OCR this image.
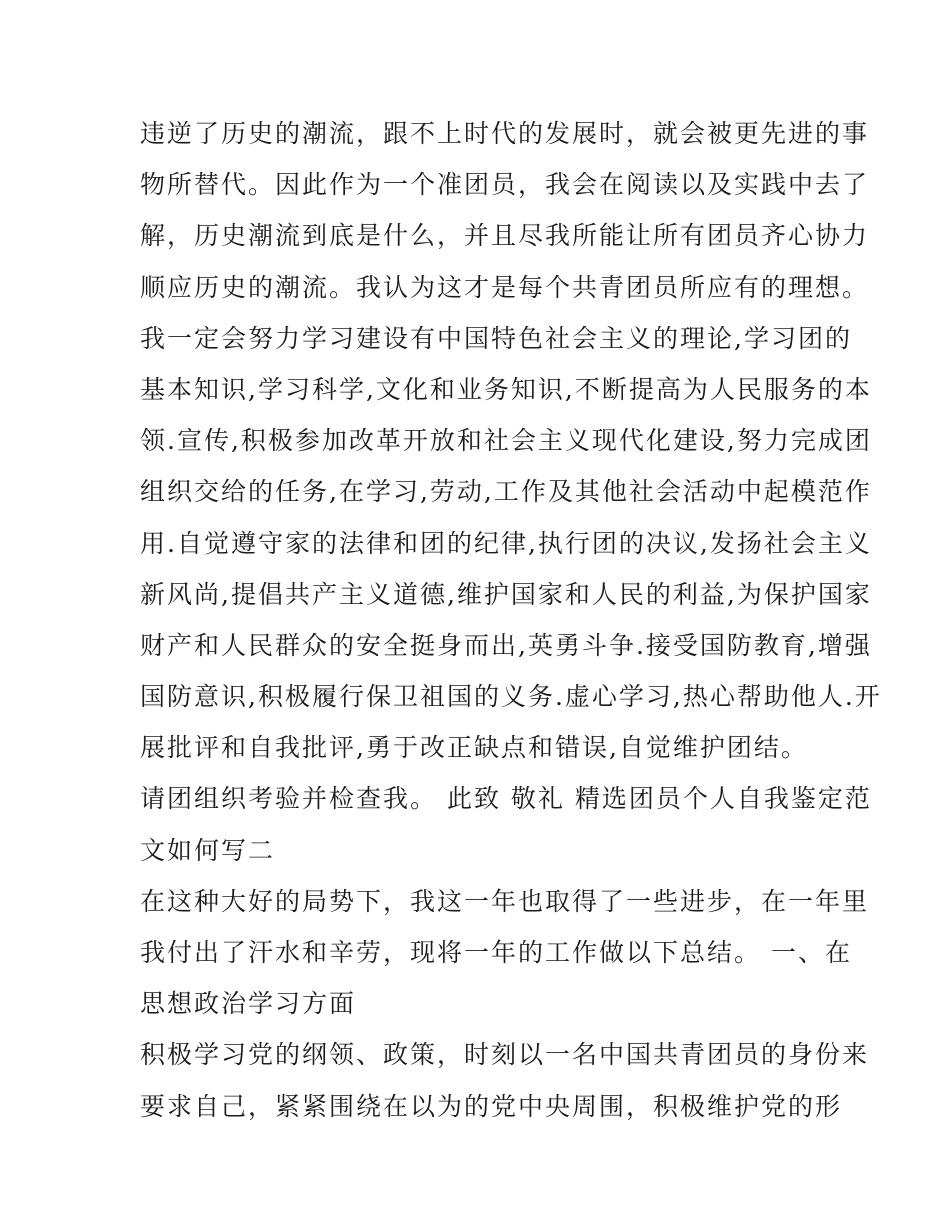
违逆了历史的潮流，跟不上时代的发展时，就会被更先进的事
物所替代。因此作为一个准团员，我会在阅读以及实践中去了
解，历史潮流到底是什么，并且尽我所能让所有团员齐心协力
顺应历史的潮流。我认为这才是每个共青团员所应有的理想。
我一定会努力学习建设有中国特色社会主义的理论,学习团的
基本知识,学习科学,文化和业务知识,不断提高为人民服务的本
领.宣传,积极参加改革开放和社会主义现代化建设,努力完成团
组织交给的任务,在学习,劳动,工作及其他社会活动中起模范作
用.自觉遵守家的法律和团的纪律,执行团的决议,发扬社会主义
新风尚,提倡共产主义道德,维护国家和人民的利益,为保护国家
财产和人民群众的安全挺身而出,英勇斗争.接受国防教育,增强
国防意识,积极履行保卫祖国的义务.虚心学习,热心帮助他人.开
展批评和自我批评,勇于改正缺点和错误,自觉维护团结。
请团组织考验并检查我。 此致 敬礼 精选团员个人自我鉴定范
文如何写二
在这种大好的局势下，我这一年也取得了一些进步，在一年里
我付出了汗水和辛劳，现将一年的工作做以下总结。 一、在
思想政治学习方面
积极学习党的纲领、政策，时刻以一名中国共青团员的身份来
要求自己，紧紧围绕在以为的党中央周围，积极维护党的形
